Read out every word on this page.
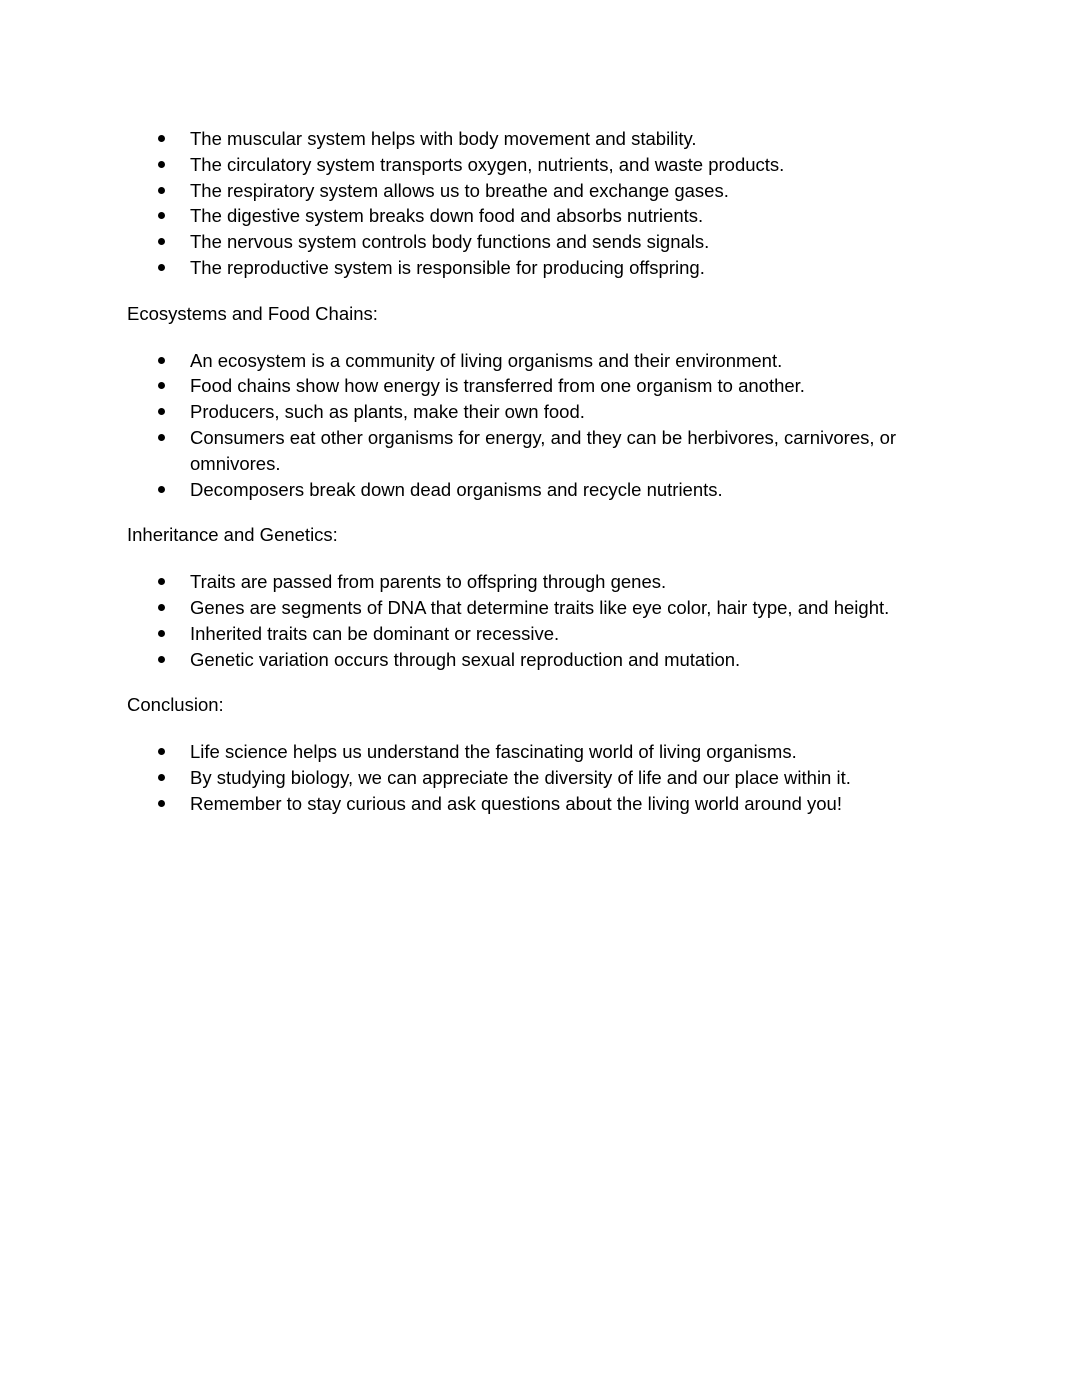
The muscular system helps with body movement and stability.
The circulatory system transports oxygen, nutrients, and waste products.
The respiratory system allows us to breathe and exchange gases.
The digestive system breaks down food and absorbs nutrients.
The nervous system controls body functions and sends signals.
The reproductive system is responsible for producing offspring.
Ecosystems and Food Chains:
An ecosystem is a community of living organisms and their environment.
Food chains show how energy is transferred from one organism to another.
Producers, such as plants, make their own food.
Consumers eat other organisms for energy, and they can be herbivores, carnivores, or omnivores.
Decomposers break down dead organisms and recycle nutrients.
Inheritance and Genetics:
Traits are passed from parents to offspring through genes.
Genes are segments of DNA that determine traits like eye color, hair type, and height.
Inherited traits can be dominant or recessive.
Genetic variation occurs through sexual reproduction and mutation.
Conclusion:
Life science helps us understand the fascinating world of living organisms.
By studying biology, we can appreciate the diversity of life and our place within it.
Remember to stay curious and ask questions about the living world around you!
